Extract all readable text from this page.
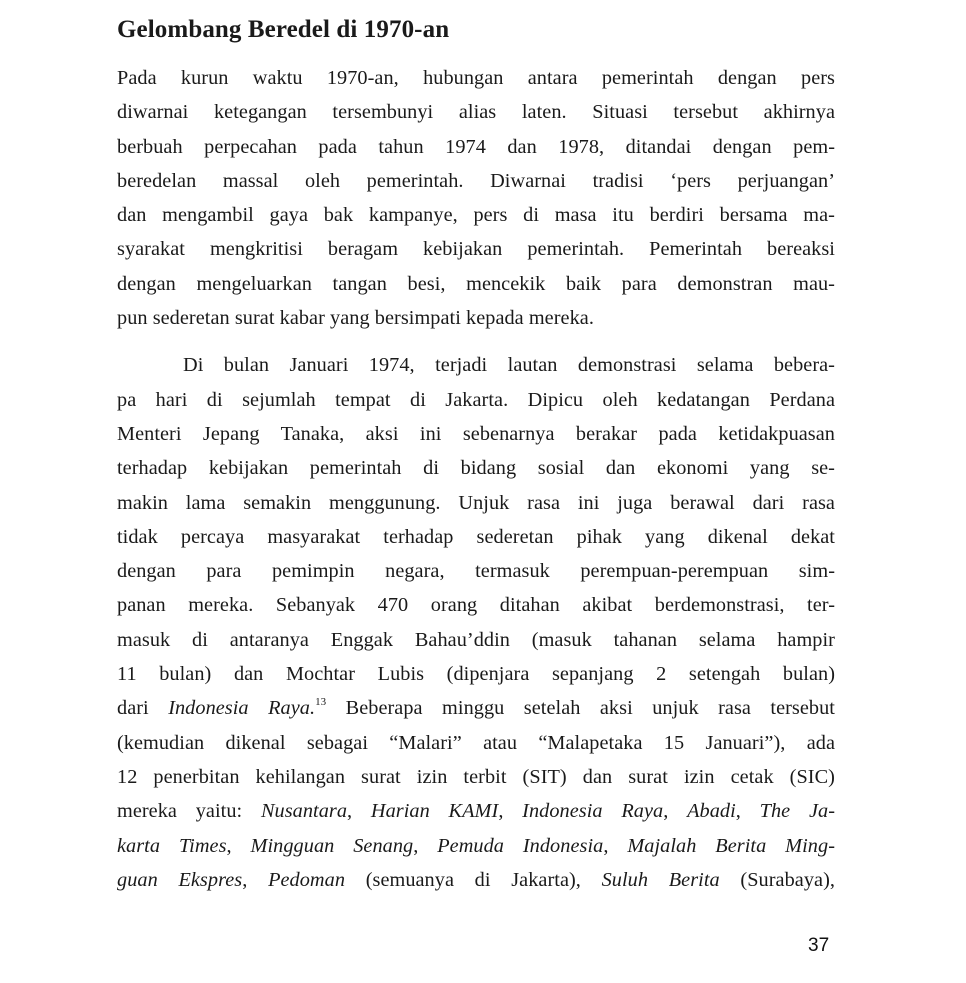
Gelombang Beredel di 1970-an

Pada kurun waktu 1970-an, hubungan antara pemerintah dengan pers
diwarnai ketegangan tersembunyi alias laten. Situasi tersebut akhirnya
berbuah perpecahan pada tahun 1974 dan 1978, ditandai dengan pem-
beredelan massal oleh pemerintah. Diwarnai tradisi ‘pers perjuangan’
dan mengambil gaya bak kampanye, pers di masa itu berdiri bersama ma-
syarakat mengkritisi beragam kebijakan pemerintah. Pemerintah bereaksi
dengan mengeluarkan tangan besi, mencekik baik para demonstran mau-
pun sederetan surat kabar yang bersimpati kepada mereka.

Di bulan Januari 1974, terjadi lautan demonstrasi selama bebera-
pa hari di sejumlah tempat di Jakarta. Dipicu oleh kedatangan Perdana
Menteri Jepang Tanaka, aksi ini sebenarnya berakar pada ketidakpuasan
terhadap kebijakan pemerintah di bidang sosial dan ekonomi yang se-
makin lama semakin menggunung. Unjuk rasa ini juga berawal dari rasa
tidak percaya masyarakat terhadap sederetan pihak yang dikenal dekat
dengan para pemimpin negara, termasuk perempuan-perempuan sim-
panan mereka. Sebanyak 470 orang ditahan akibat berdemonstrasi, ter-
masuk di antaranya Enggak Bahau’ddin (masuk tahanan selama hampir
11 bulan) dan Mochtar Lubis (dipenjara sepanjang 2 setengah bulan)
dari Indonesia Raya.$^{13}$ Beberapa minggu setelah aksi unjuk rasa tersebut
(kemudian dikenal sebagai “Malari” atau “Malapetaka 15 Januari”), ada
12 penerbitan kehilangan surat izin terbit (SIT) dan surat izin cetak (SIC)
mereka yaitu: Nusantara, Harian KAMI, Indonesia Raya, Abadi, The Ja-
karta Times, Mingguan Senang, Pemuda Indonesia, Majalah Berita Ming-
guan Ekspres, Pedoman (semuanya di Jakarta), Suluh Berita (Surabaya),

37
